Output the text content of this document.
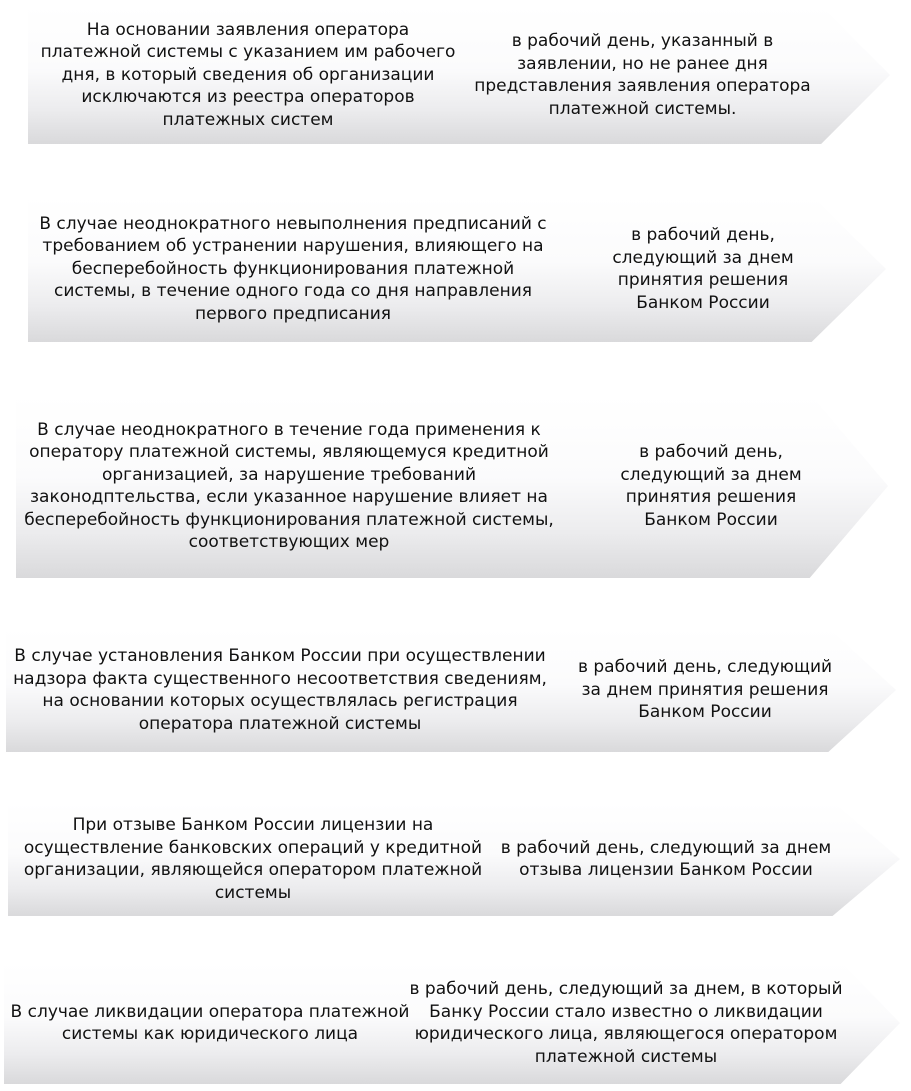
На основании заявления оператора
платежной системы с указанием им рабочего
дня, в который сведения об организации
исключаются из реестра операторов
платежных систем
в рабочий день, указанный в
заявлении, но не ранее дня
представления заявления оператора
платежной системы.
В случае неоднократного невыполнения предписаний с
требованием об устранении нарушения, влияющего на
бесперебойность функционирования платежной
системы, в течение одного года со дня направления
первого предписания
в рабочий день,
следующий за днем
принятия решения
Банком России
В случае неоднократного в течение года применения к
оператору платежной системы, являющемуся кредитной
организацией, за нарушение требований
законодптельства, если указанное нарушение влияет на
бесперебойность функционирования платежной системы,
соответствующих мер
в рабочий день,
следующий за днем
принятия решения
Банком России
В случае установления Банком России при осуществлении
надзора факта существенного несоответствия сведениям,
на основании которых осуществлялась регистрация
оператора платежной системы
в рабочий день, следующий
за днем принятия решения
Банком России
При отзыве Банком России лицензии на
осуществление банковских операций у кредитной
организации, являющейся оператором платежной
системы
в рабочий день, следующий за днем
отзыва лицензии Банком России
В случае ликвидации оператора платежной
системы как юридического лица
в рабочий день, следующий за днем, в который
Банку России стало известно о ликвидации
юридического лица, являющегося оператором
платежной системы
